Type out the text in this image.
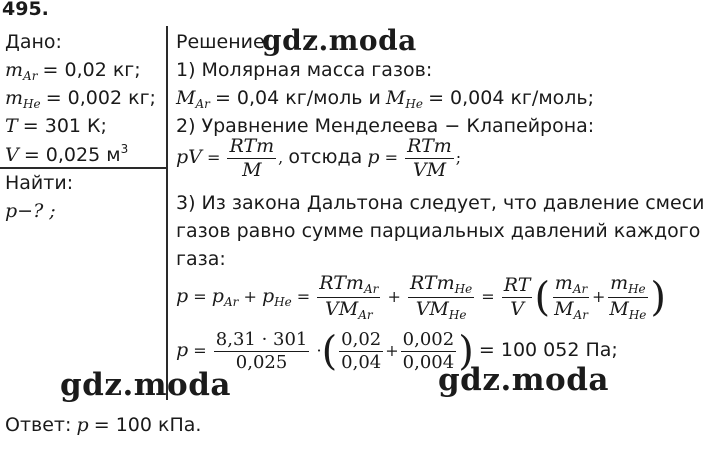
495.
Дано:
$m_{Ar} = 0,02$ кг;
$m_{He} = 0,002$ кг;
T = 301 К;
V = 0,025 $м^3$
Найти:
p−? ;
Решение:
1) Молярная масса газов:
$M_{Ar} = 0,04$ кг/моль и $M_{He} = 0,004$ кг/моль;
2) Уравнение Менделеева − Клапейрона:
pV = $\frac{\text{RTm}}{M}$ , отсюда $p = \frac{\text{RTm}}{VM}$ ;
3) Из закона Дальтона следует, что давление смеси
газов равно сумме парциальных давлений каждого
газа:
$p = p_{Ar} + p_{He} = \frac{RTm_{Ar}}{VM_{Ar}} + \frac{RTm_{He}}{VM_{He}} = \frac{RT}{V}$ ( $\frac{m_{Ar}}{M_{Ar}} + \frac{m_{He}}{M_{He}}$ )
$p = \frac{8,31 \cdot 301}{0,025}$ ·( $\frac{0,02}{0,04} + \frac{0,002}{0,004}$ ) = 100 052 Па;
Ответ: p = 100 кПа.
gdz.moda
gdz.moda	gdz.moda
